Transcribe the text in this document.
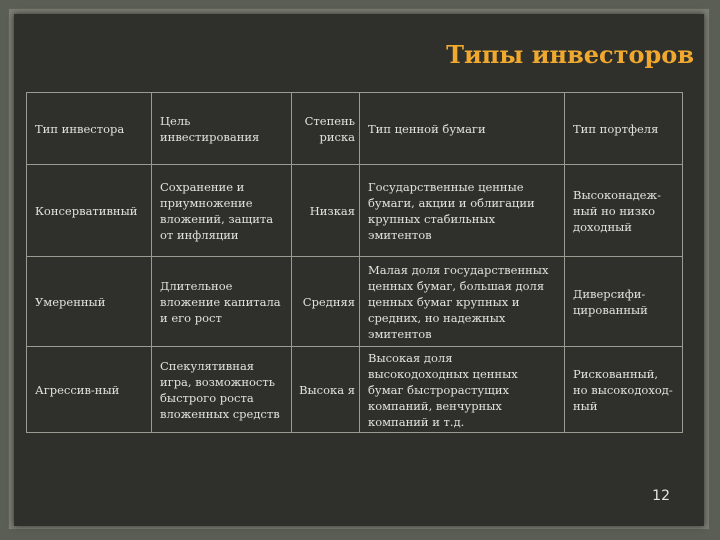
Типы инвесторов
Тип инвестора	Цель инвестирования	Степень риска	Тип ценной бумаги	Тип портфеля
Консервативный	Сохранение и приумножение вложений, защита от инфляции	Низкая	Государственные ценные бумаги, акции и облигации крупных стабильных эмитентов	Высоконадеж-ный но низко доходный
Умеренный	Длительное вложение капитала и его рост	Средняя	Малая доля государственных ценных бумаг, большая доля ценных бумаг крупных и средних, но надежных эмитентов	Диверсифи-цированный
Агрессив-ный	Спекулятивная игра, возможность быстрого роста вложенных средств	Высока я	Высокая доля высокодоходных ценных бумаг быстрорастущих компаний, венчурных компаний и т.д.	Рискованный, но высокодоход-ный
12
